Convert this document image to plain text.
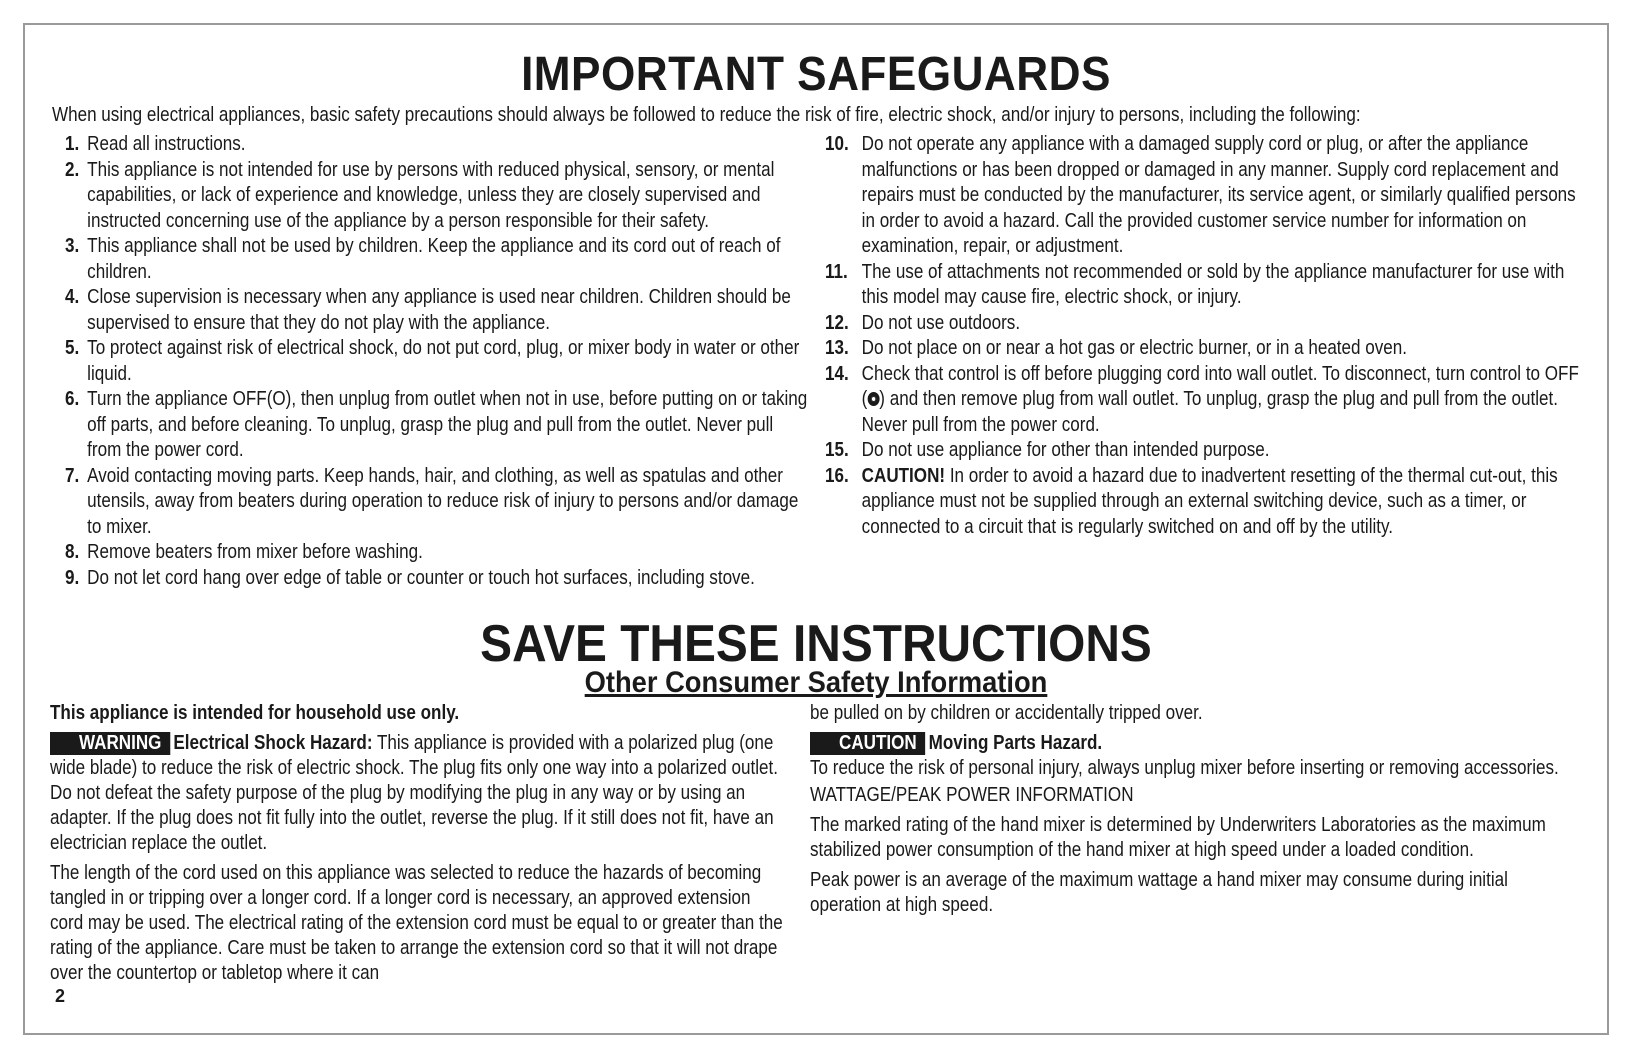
IMPORTANT SAFEGUARDS
When using electrical appliances, basic safety precautions should always be followed to reduce the risk of fire, electric shock, and/or injury to persons, including the following:
1. Read all instructions.
2. This appliance is not intended for use by persons with reduced physical, sensory, or mental capabilities, or lack of experience and knowledge, unless they are closely supervised and instructed concerning use of the appliance by a person responsible for their safety.
3. This appliance shall not be used by children. Keep the appliance and its cord out of reach of children.
4. Close supervision is necessary when any appliance is used near children. Children should be supervised to ensure that they do not play with the appliance.
5. To protect against risk of electrical shock, do not put cord, plug, or mixer body in water or other liquid.
6. Turn the appliance OFF(O), then unplug from outlet when not in use, before putting on or taking off parts, and before cleaning. To unplug, grasp the plug and pull from the outlet. Never pull from the power cord.
7. Avoid contacting moving parts. Keep hands, hair, and clothing, as well as spatulas and other utensils, away from beaters during operation to reduce risk of injury to persons and/or damage to mixer.
8. Remove beaters from mixer before washing.
9. Do not let cord hang over edge of table or counter or touch hot surfaces, including stove.
10. Do not operate any appliance with a damaged supply cord or plug, or after the appliance malfunctions or has been dropped or damaged in any manner. Supply cord replacement and repairs must be conducted by the manufacturer, its service agent, or similarly qualified persons in order to avoid a hazard. Call the provided customer service number for information on examination, repair, or adjustment.
11. The use of attachments not recommended or sold by the appliance manufacturer for use with this model may cause fire, electric shock, or injury.
12. Do not use outdoors.
13. Do not place on or near a hot gas or electric burner, or in a heated oven.
14. Check that control is off before plugging cord into wall outlet. To disconnect, turn control to OFF ( ) and then remove plug from wall outlet. To unplug, grasp the plug and pull from the outlet. Never pull from the power cord.
15. Do not use appliance for other than intended purpose.
16. CAUTION! In order to avoid a hazard due to inadvertent resetting of the thermal cut-out, this appliance must not be supplied through an external switching device, such as a timer, or connected to a circuit that is regularly switched on and off by the utility.
SAVE THESE INSTRUCTIONS
Other Consumer Safety Information
This appliance is intended for household use only.
WARNING Electrical Shock Hazard: This appliance is provided with a polarized plug (one wide blade) to reduce the risk of electric shock. The plug fits only one way into a polarized outlet. Do not defeat the safety purpose of the plug by modifying the plug in any way or by using an adapter. If the plug does not fit fully into the outlet, reverse the plug. If it still does not fit, have an electrician replace the outlet.
The length of the cord used on this appliance was selected to reduce the hazards of becoming tangled in or tripping over a longer cord. If a longer cord is necessary, an approved extension cord may be used. The electrical rating of the extension cord must be equal to or greater than the rating of the appliance. Care must be taken to arrange the extension cord so that it will not drape over the countertop or tabletop where it can
be pulled on by children or accidentally tripped over.
CAUTION Moving Parts Hazard.
To reduce the risk of personal injury, always unplug mixer before inserting or removing accessories.
WATTAGE/PEAK POWER INFORMATION
The marked rating of the hand mixer is determined by Underwriters Laboratories as the maximum stabilized power consumption of the hand mixer at high speed under a loaded condition.
Peak power is an average of the maximum wattage a hand mixer may consume during initial operation at high speed.
2
